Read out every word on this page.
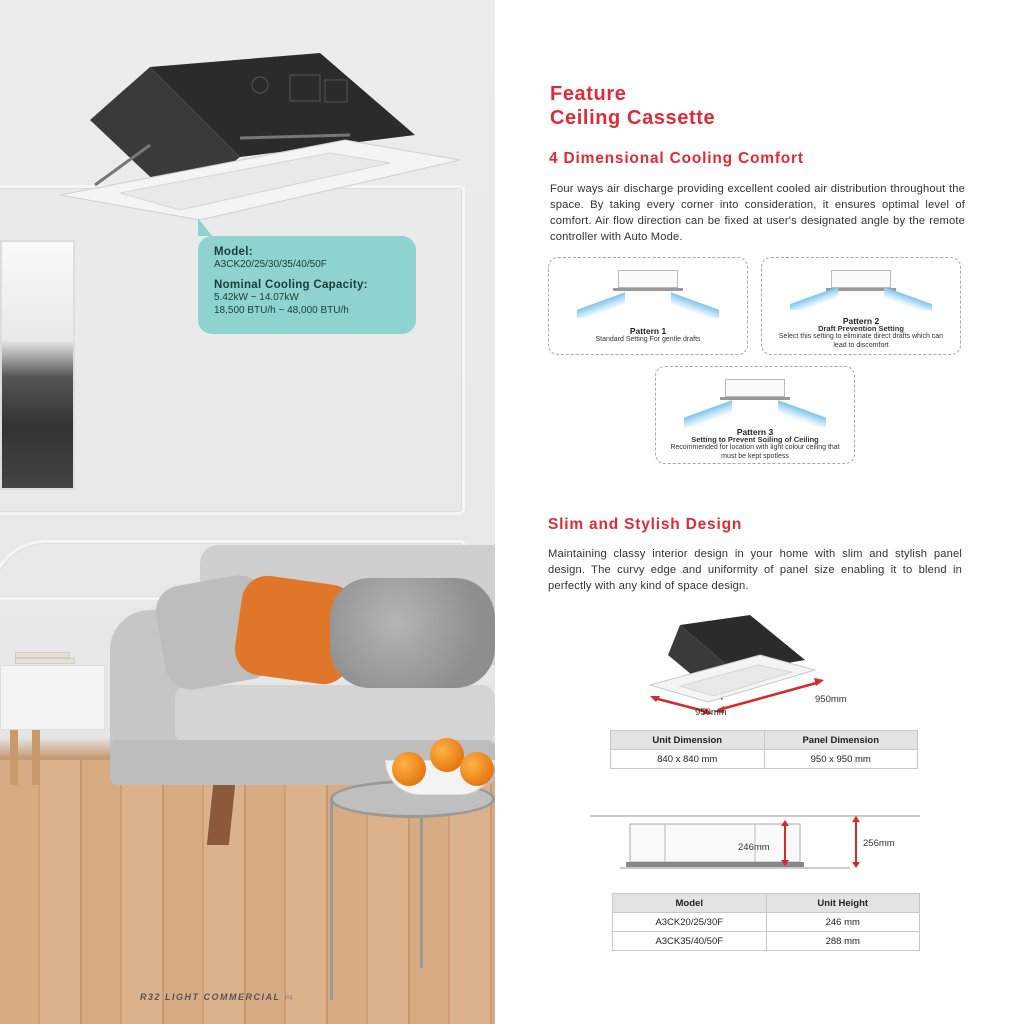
Model:
A3CK20/25/30/35/40/50F
Nominal Cooling Capacity:
5.42kW ~ 14.07kW
18,500 BTU/h ~ 48,000 BTU/h
R32 LIGHT COMMERCIAL P4
Feature
Ceiling Cassette
4 Dimensional Cooling Comfort
Four ways air discharge providing excellent cooled air distribution throughout the space. By taking every corner into consideration, it ensures optimal level of comfort. Air flow direction can be fixed at user's designated angle by the remote controller with Auto Mode.
Pattern 1
Standard Setting For gentle drafts
Pattern 2
Draft Prevention Setting
Select this setting to eliminate direct drafts which can lead to discomfort
Pattern 3
Setting to Prevent Soiling of Ceiling
Recommended for location with light colour ceiling that must be kept spotless
Slim and Stylish Design
Maintaining classy interior design in your home with slim and stylish panel design. The curvy edge and uniformity of panel size enabling it to blend in perfectly with any kind of space design.
950mm
950mm
Unit Dimension	Panel Dimension
840 x 840 mm	950 x 950 mm
246mm	256mm
Model	Unit Height
A3CK20/25/30F	246 mm
A3CK35/40/50F	288 mm
